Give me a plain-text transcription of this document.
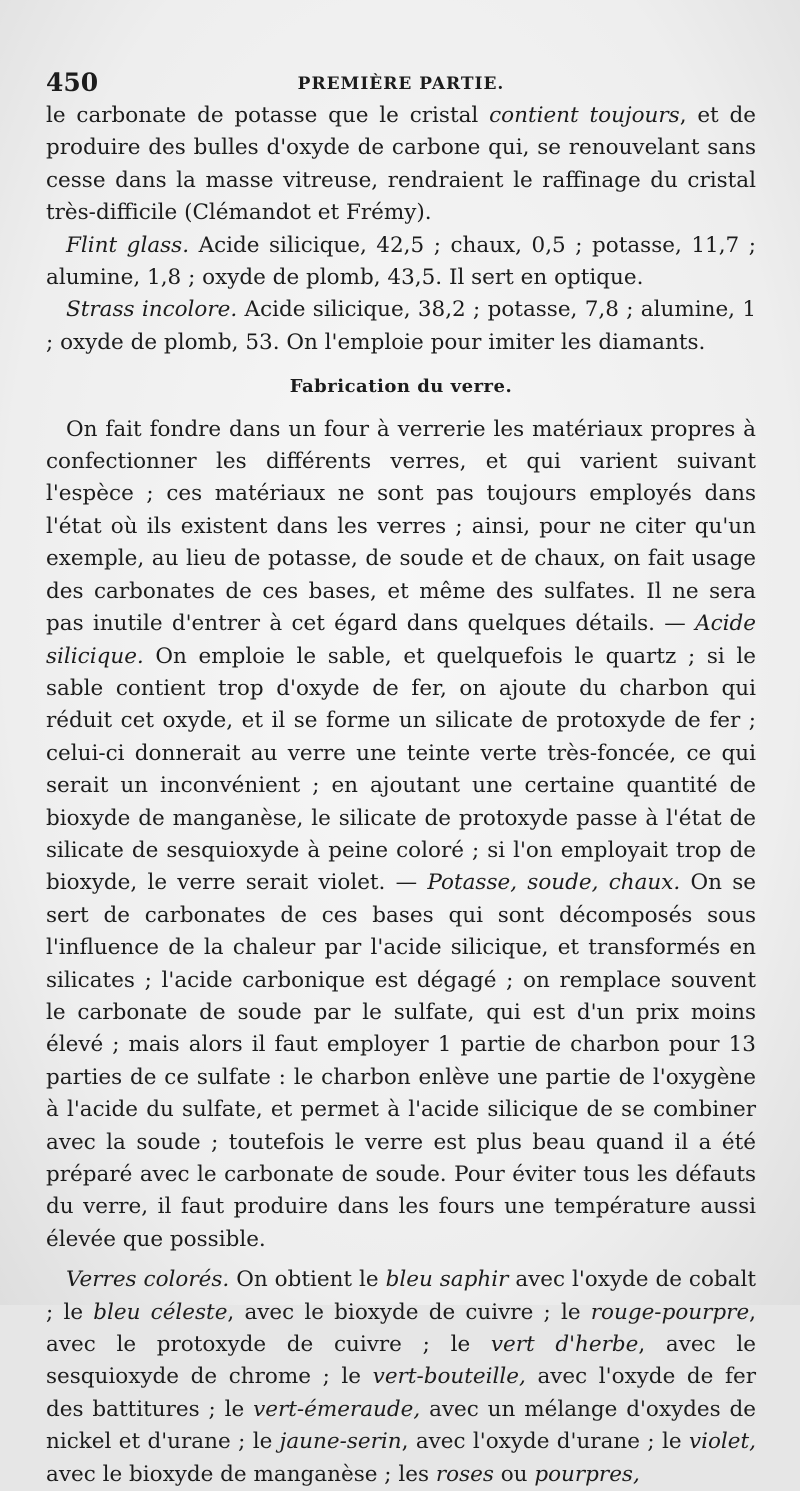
450	PREMIÈRE PARTIE.

le carbonate de potasse que le cristal contient toujours, et de produire des bulles d'oxyde de carbone qui, se renouvelant sans cesse dans la masse vitreuse, rendraient le raffinage du cristal très-difficile (Clémandot et Frémy).

Flint glass. Acide silicique, 42,5 ; chaux, 0,5 ; potasse, 11,7 ; alumine, 1,8 ; oxyde de plomb, 43,5. Il sert en optique.

Strass incolore. Acide silicique, 38,2 ; potasse, 7,8 ; alumine, 1 ; oxyde de plomb, 53. On l'emploie pour imiter les diamants.

Fabrication du verre.

On fait fondre dans un four à verrerie les matériaux propres à confectionner les différents verres, et qui varient suivant l'espèce ; ces matériaux ne sont pas toujours employés dans l'état où ils existent dans les verres ; ainsi, pour ne citer qu'un exemple, au lieu de potasse, de soude et de chaux, on fait usage des carbonates de ces bases, et même des sulfates. Il ne sera pas inutile d'entrer à cet égard dans quelques détails. — Acide silicique. On emploie le sable, et quelquefois le quartz ; si le sable contient trop d'oxyde de fer, on ajoute du charbon qui réduit cet oxyde, et il se forme un silicate de protoxyde de fer ; celui-ci donnerait au verre une teinte verte très-foncée, ce qui serait un inconvénient ; en ajoutant une certaine quantité de bioxyde de manganèse, le silicate de protoxyde passe à l'état de silicate de sesquioxyde à peine coloré ; si l'on employait trop de bioxyde, le verre serait violet. — Potasse, soude, chaux. On se sert de carbonates de ces bases qui sont décomposés sous l'influence de la chaleur par l'acide silicique, et transformés en silicates ; l'acide carbonique est dégagé ; on remplace souvent le carbonate de soude par le sulfate, qui est d'un prix moins élevé ; mais alors il faut employer 1 partie de charbon pour 13 parties de ce sulfate : le charbon enlève une partie de l'oxygène à l'acide du sulfate, et permet à l'acide silicique de se combiner avec la soude ; toutefois le verre est plus beau quand il a été préparé avec le carbonate de soude. Pour éviter tous les défauts du verre, il faut produire dans les fours une température aussi élevée que possible.

Verres colorés. On obtient le bleu saphir avec l'oxyde de cobalt ; le bleu céleste, avec le bioxyde de cuivre ; le rouge-pourpre, avec le protoxyde de cuivre ; le vert d'herbe, avec le sesquioxyde de chrome ; le vert-bouteille, avec l'oxyde de fer des battitures ; le vert-émeraude, avec un mélange d'oxydes de nickel et d'urane ; le jaune-serin, avec l'oxyde d'urane ; le violet, avec le bioxyde de manganèse ; les roses ou pourpres,
